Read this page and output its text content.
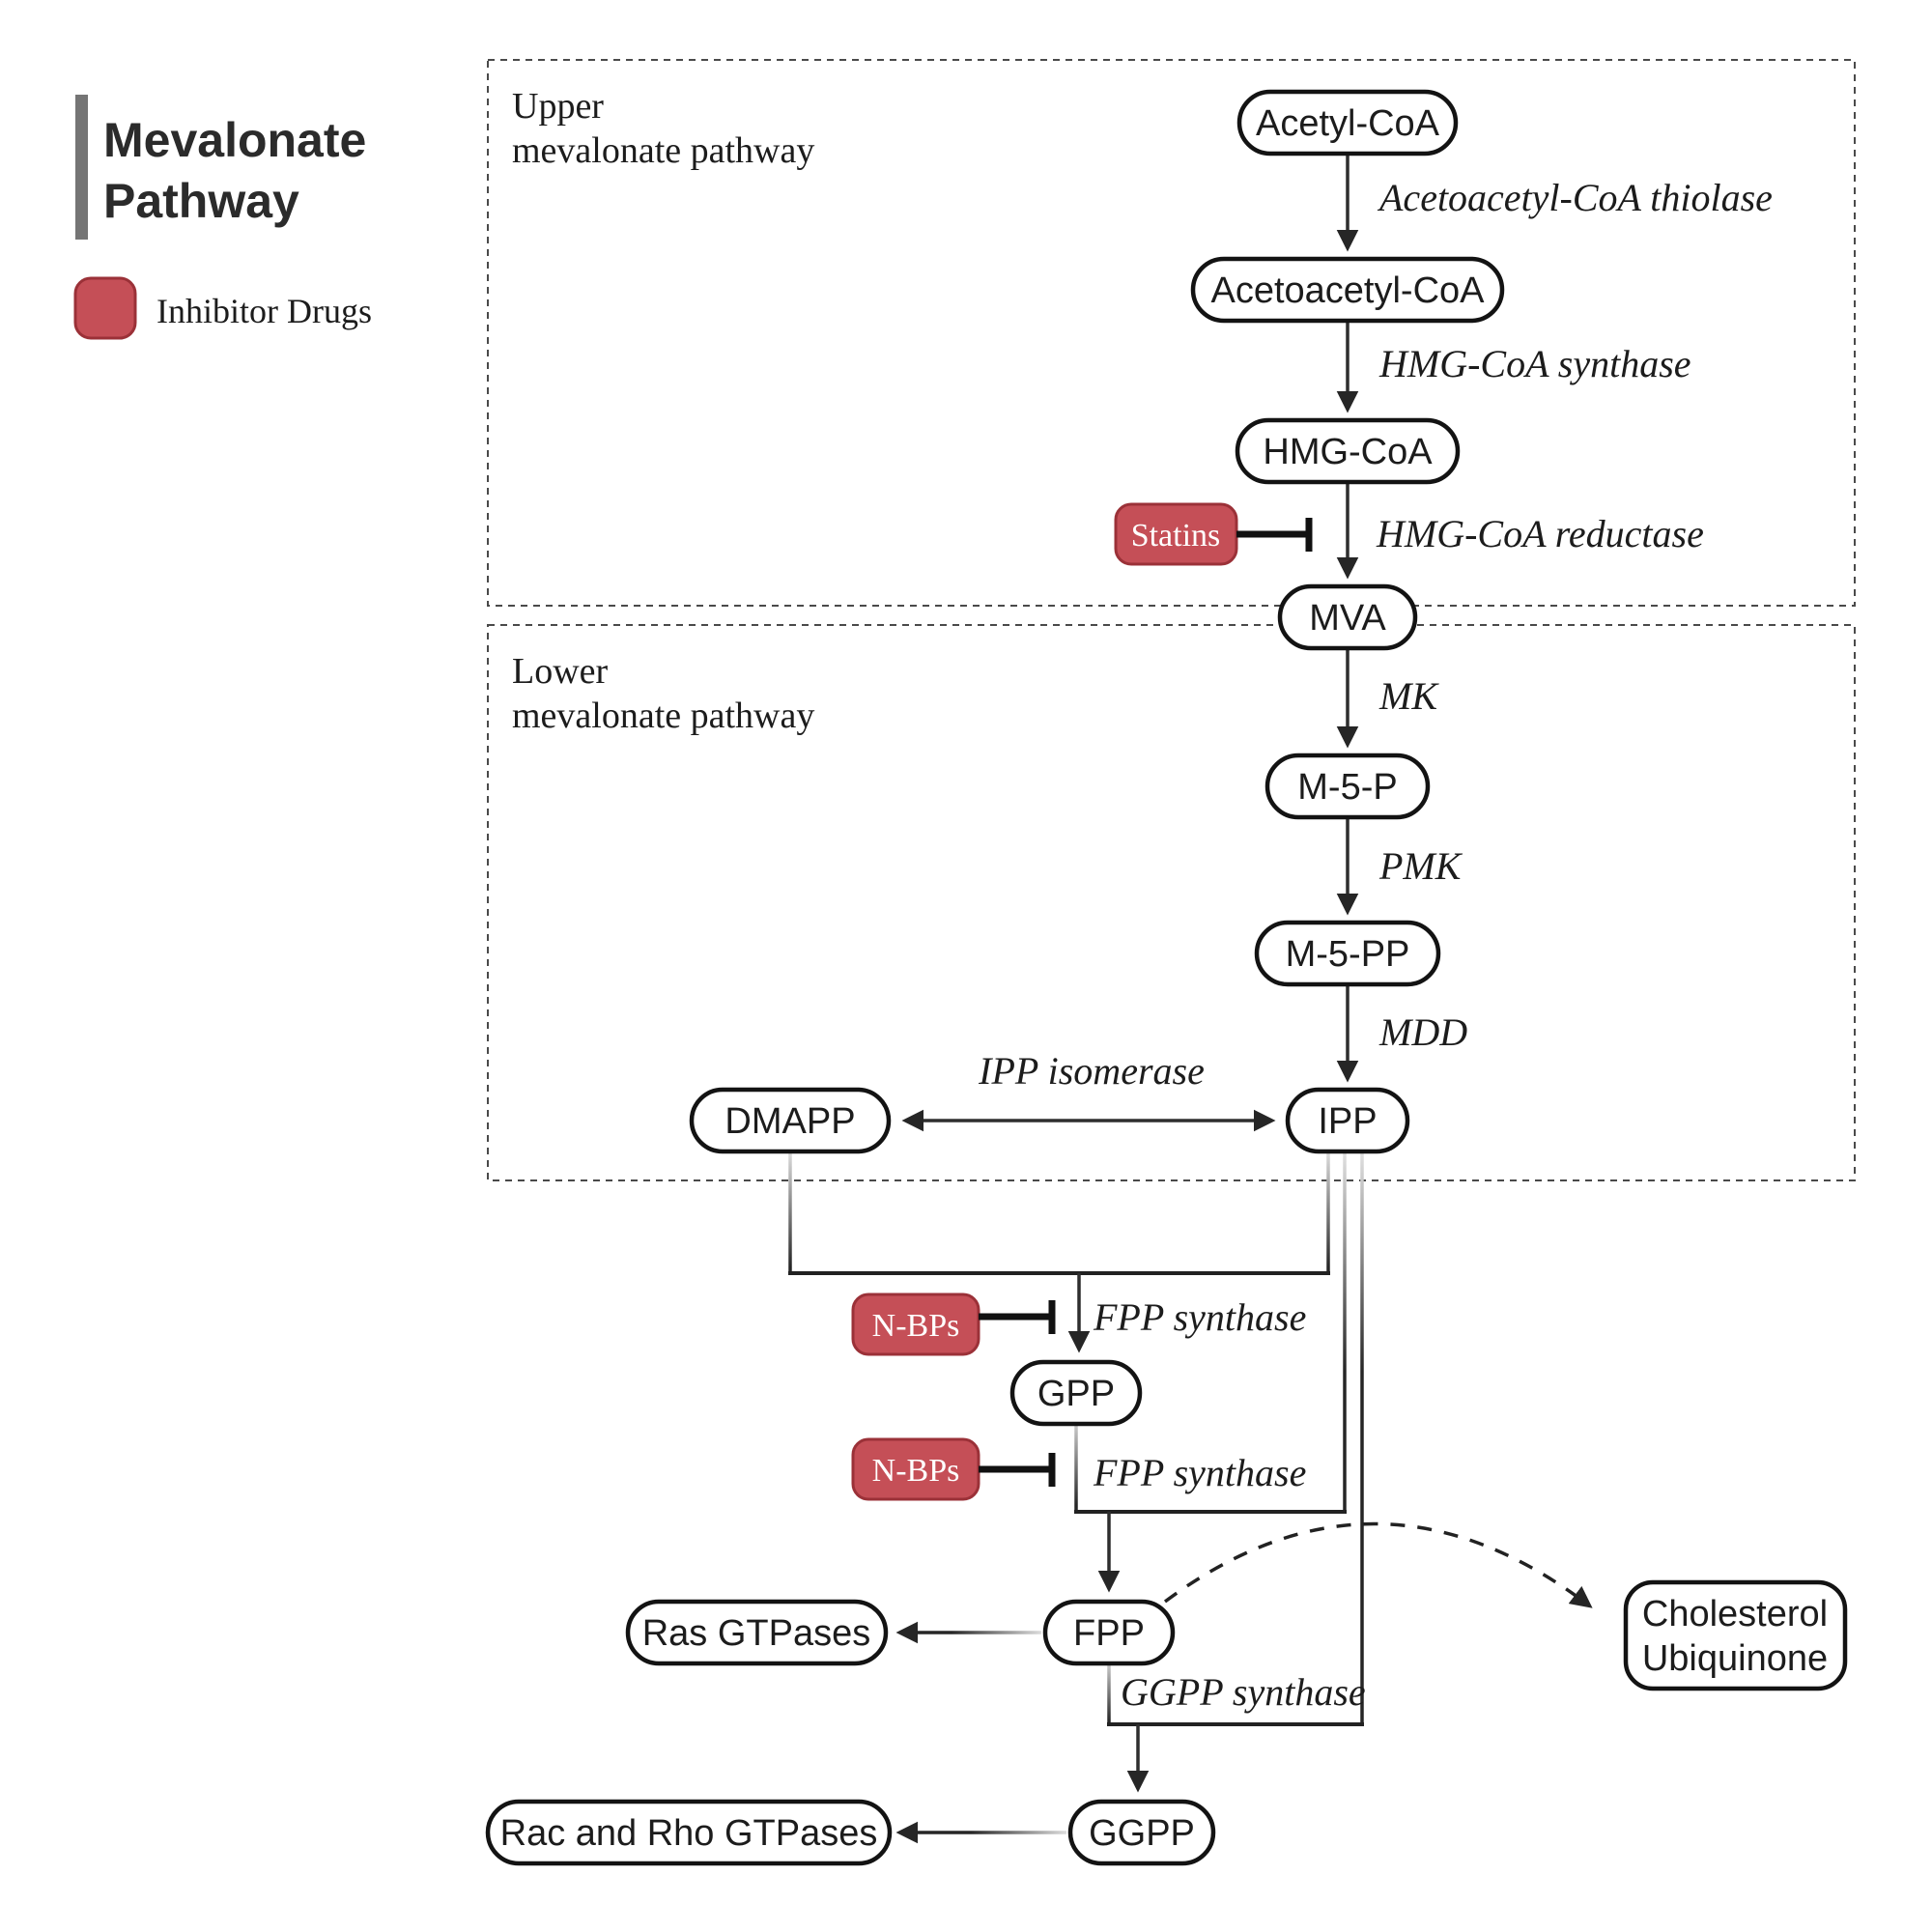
Mevalonate
Pathway
Inhibitor Drugs
Upper
mevalonate pathway
Lower
mevalonate pathway
Acetoacetyl-CoA thiolase
HMG-CoA synthase
HMG-CoA reductase
MK
PMK
MDD
Statins
IPP isomerase
FPP synthase
N-BPs
FPP synthase
N-BPs
GGPP synthase
Acetyl-CoA
Acetoacetyl-CoA
HMG-CoA
MVA
M-5-P
M-5-PP
IPP
DMAPP
GPP
FPP
Ras GTPases	Cholesterol
Ubiquinone
GGPP
Rac and Rho GTPases
